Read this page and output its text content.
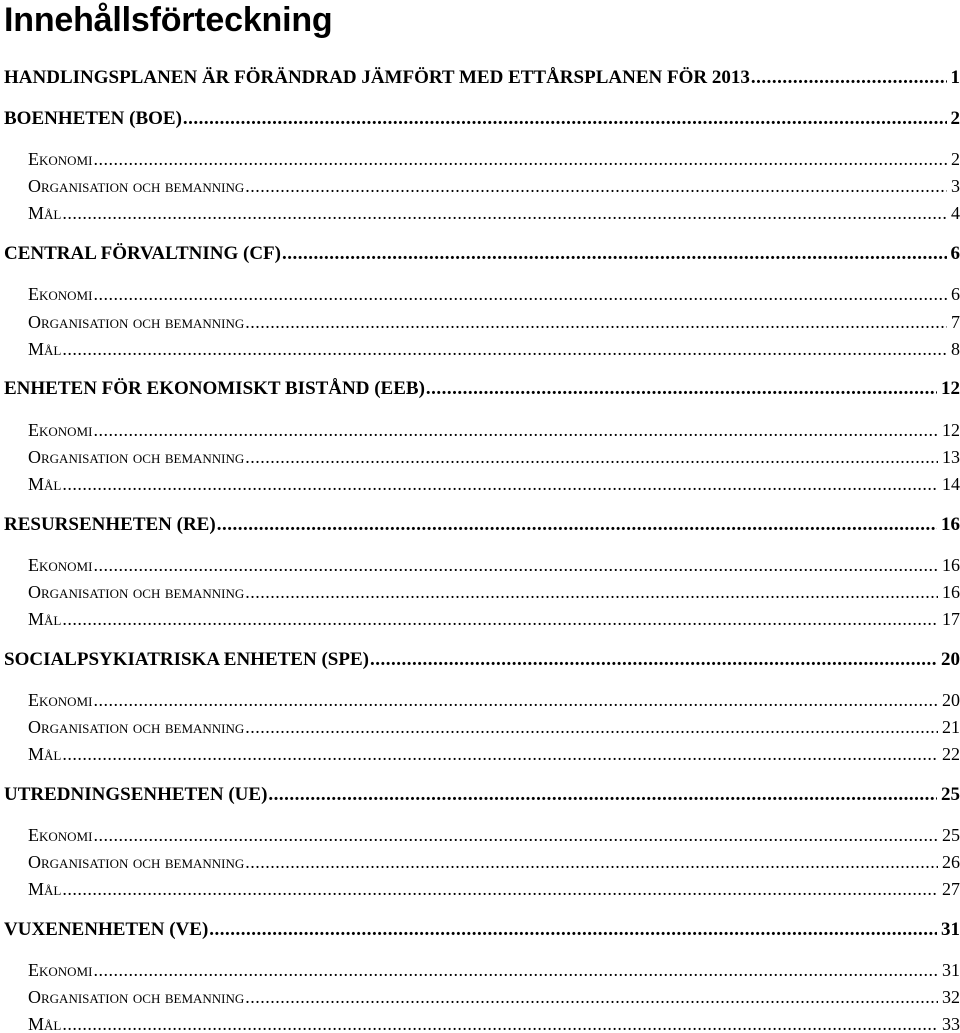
Innehållsförteckning
HANDLINGSPLANEN ÄR FÖRÄNDRAD JÄMFÖRT MED ETTÅRSPLANEN FÖR 2013 .....	1
BOENHETEN (BOE) .....	2
Ekonomi .....	2
Organisation och bemanning .....	3
Mål .....	4
CENTRAL FÖRVALTNING (CF) .....	6
Ekonomi .....	6
Organisation och bemanning .....	7
Mål .....	8
ENHETEN FÖR EKONOMISKT BISTÅND (EEB) .....	12
Ekonomi .....	12
Organisation och bemanning .....	13
Mål .....	14
RESURSENHETEN (RE) .....	16
Ekonomi .....	16
Organisation och bemanning .....	16
Mål .....	17
SOCIALPSYKIATRISKA ENHETEN (SPE) .....	20
Ekonomi .....	20
Organisation och bemanning .....	21
Mål .....	22
UTREDNINGSENHETEN (UE) .....	25
Ekonomi .....	25
Organisation och bemanning .....	26
Mål .....	27
VUXENENHETEN (VE) .....	31
Ekonomi .....	31
Organisation och bemanning .....	32
Mål .....	33
